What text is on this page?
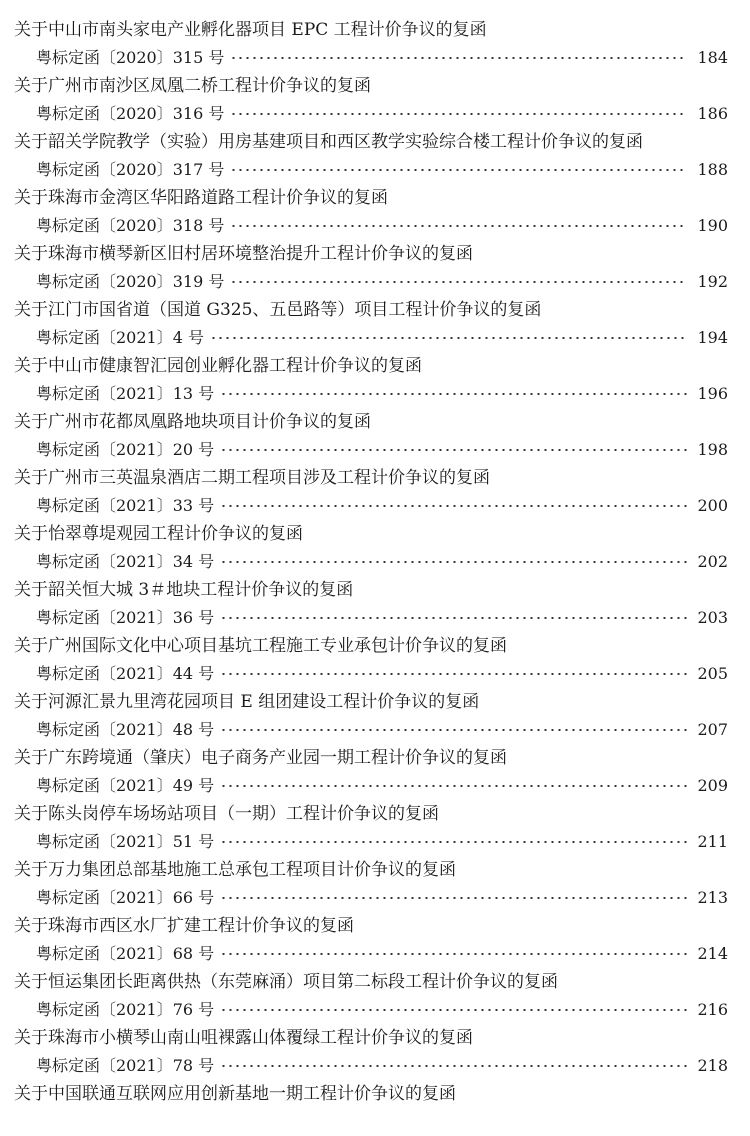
关于中山市南头家电产业孵化器项目 EPC 工程计价争议的复函
粤标定函〔2020〕315 号	184
关于广州市南沙区凤凰二桥工程计价争议的复函
粤标定函〔2020〕316 号	186
关于韶关学院教学（实验）用房基建项目和西区教学实验综合楼工程计价争议的复函
粤标定函〔2020〕317 号	188
关于珠海市金湾区华阳路道路工程计价争议的复函
粤标定函〔2020〕318 号	190
关于珠海市横琴新区旧村居环境整治提升工程计价争议的复函
粤标定函〔2020〕319 号	192
关于江门市国省道（国道 G325、五邑路等）项目工程计价争议的复函
粤标定函〔2021〕4 号	194
关于中山市健康智汇园创业孵化器工程计价争议的复函
粤标定函〔2021〕13 号	196
关于广州市花都凤凰路地块项目计价争议的复函
粤标定函〔2021〕20 号	198
关于广州市三英温泉酒店二期工程项目涉及工程计价争议的复函
粤标定函〔2021〕33 号	200
关于怡翠尊堤观园工程计价争议的复函
粤标定函〔2021〕34 号	202
关于韶关恒大城 3＃地块工程计价争议的复函
粤标定函〔2021〕36 号	203
关于广州国际文化中心项目基坑工程施工专业承包计价争议的复函
粤标定函〔2021〕44 号	205
关于河源汇景九里湾花园项目 E 组团建设工程计价争议的复函
粤标定函〔2021〕48 号	207
关于广东跨境通（肇庆）电子商务产业园一期工程计价争议的复函
粤标定函〔2021〕49 号	209
关于陈头岗停车场场站项目（一期）工程计价争议的复函
粤标定函〔2021〕51 号	211
关于万力集团总部基地施工总承包工程项目计价争议的复函
粤标定函〔2021〕66 号	213
关于珠海市西区水厂扩建工程计价争议的复函
粤标定函〔2021〕68 号	214
关于恒运集团长距离供热（东莞麻涌）项目第二标段工程计价争议的复函
粤标定函〔2021〕76 号	216
关于珠海市小横琴山南山咀裸露山体覆绿工程计价争议的复函
粤标定函〔2021〕78 号	218
关于中国联通互联网应用创新基地一期工程计价争议的复函
